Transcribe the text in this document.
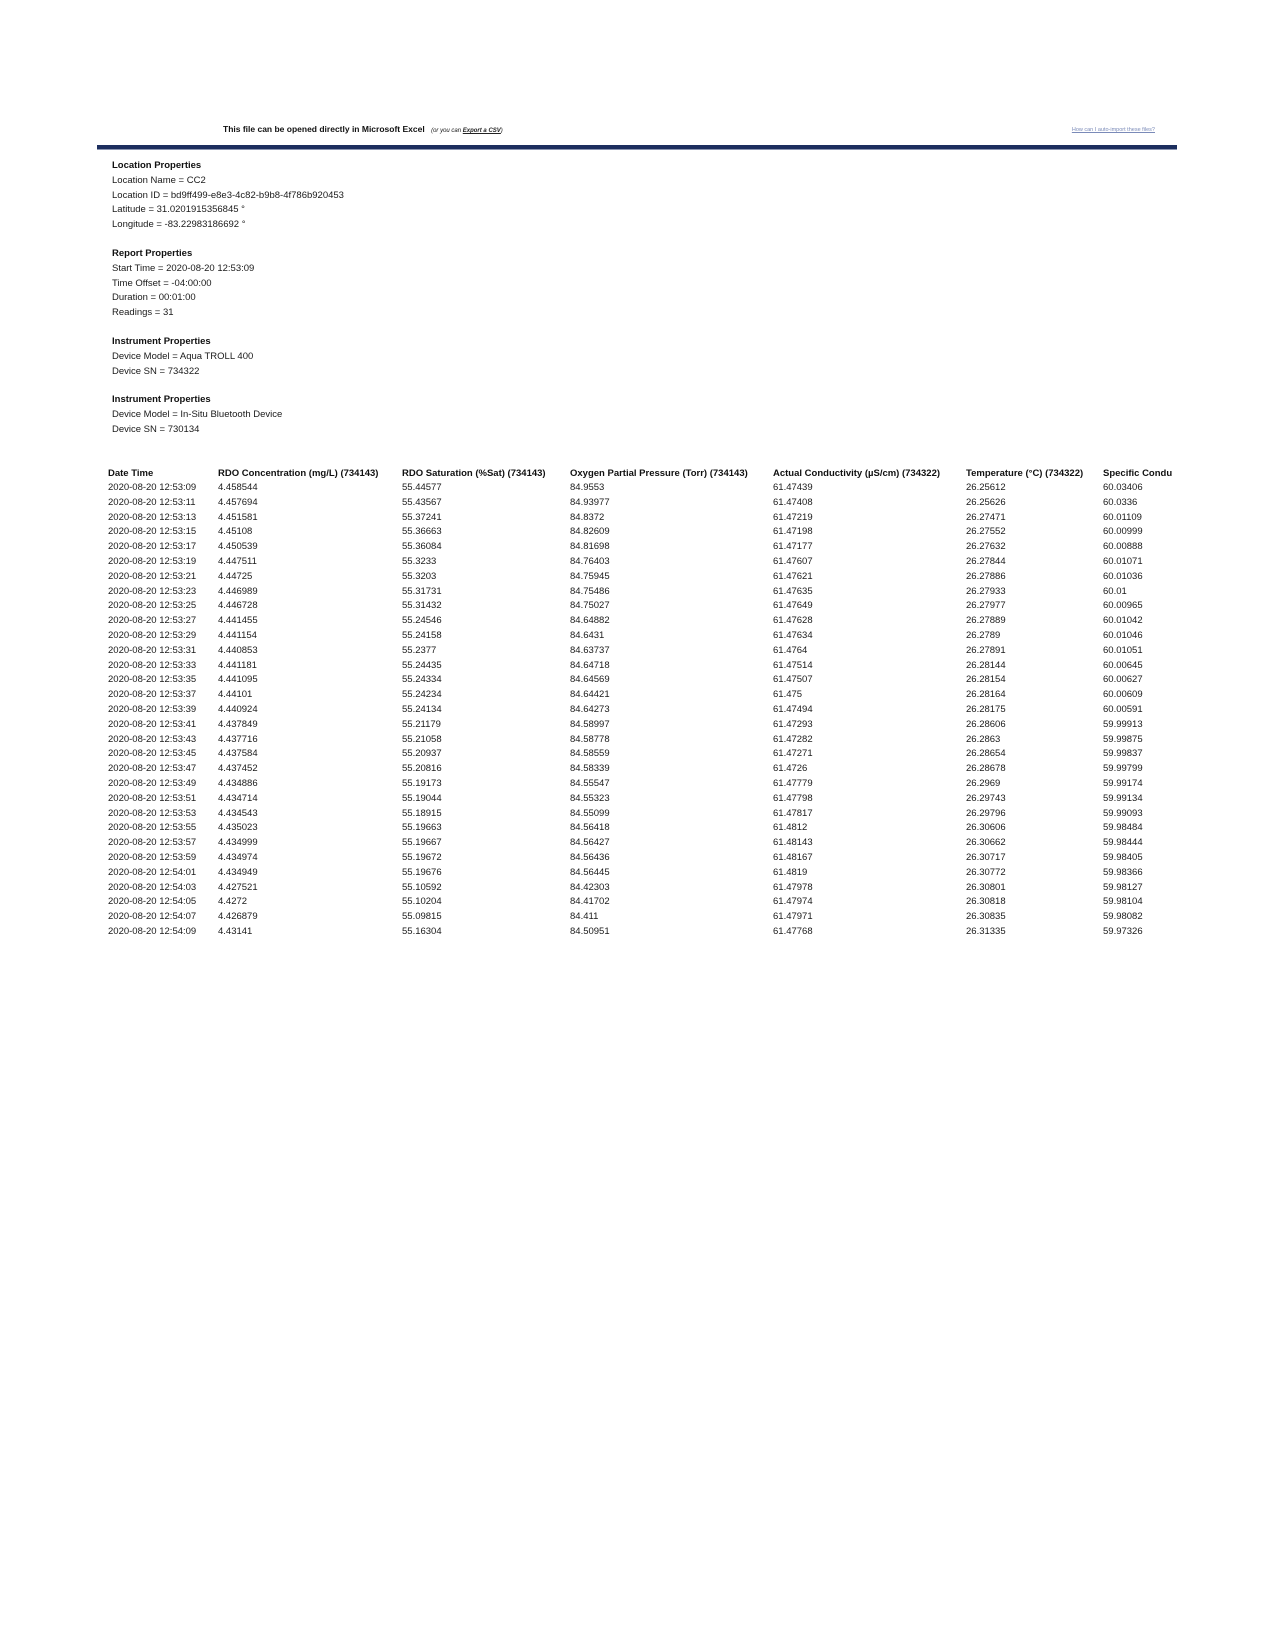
This file can be opened directly in Microsoft Excel (or you can Export a CSV)	How can I auto-import these files?
Location Properties
Location Name = CC2
Location ID = bd9ff499-e8e3-4c82-b9b8-4f786b920453
Latitude = 31.0201915356845 °
Longitude = -83.22983186692 °
Report Properties
Start Time = 2020-08-20 12:53:09
Time Offset = -04:00:00
Duration = 00:01:00
Readings = 31
Instrument Properties
Device Model = Aqua TROLL 400
Device SN = 734322
Instrument Properties
Device Model = In-Situ Bluetooth Device
Device SN = 730134
Date Time	RDO Concentration (mg/L) (734143)	RDO Saturation (%Sat) (734143)	Oxygen Partial Pressure (Torr) (734143)	Actual Conductivity (µS/cm) (734322)	Temperature (°C) (734322)	Specific Condu
2020-08-20 12:53:09	4.458544	55.44577	84.9553	61.47439	26.25612	60.03406
2020-08-20 12:53:11	4.457694	55.43567	84.93977	61.47408	26.25626	60.0336
2020-08-20 12:53:13	4.451581	55.37241	84.8372	61.47219	26.27471	60.01109
2020-08-20 12:53:15	4.45108	55.36663	84.82609	61.47198	26.27552	60.00999
2020-08-20 12:53:17	4.450539	55.36084	84.81698	61.47177	26.27632	60.00888
2020-08-20 12:53:19	4.447511	55.3233	84.76403	61.47607	26.27844	60.01071
2020-08-20 12:53:21	4.44725	55.3203	84.75945	61.47621	26.27886	60.01036
2020-08-20 12:53:23	4.446989	55.31731	84.75486	61.47635	26.27933	60.01
2020-08-20 12:53:25	4.446728	55.31432	84.75027	61.47649	26.27977	60.00965
2020-08-20 12:53:27	4.441455	55.24546	84.64882	61.47628	26.27889	60.01042
2020-08-20 12:53:29	4.441154	55.24158	84.6431	61.47634	26.2789	60.01046
2020-08-20 12:53:31	4.440853	55.2377	84.63737	61.4764	26.27891	60.01051
2020-08-20 12:53:33	4.441181	55.24435	84.64718	61.47514	26.28144	60.00645
2020-08-20 12:53:35	4.441095	55.24334	84.64569	61.47507	26.28154	60.00627
2020-08-20 12:53:37	4.44101	55.24234	84.64421	61.475	26.28164	60.00609
2020-08-20 12:53:39	4.440924	55.24134	84.64273	61.47494	26.28175	60.00591
2020-08-20 12:53:41	4.437849	55.21179	84.58997	61.47293	26.28606	59.99913
2020-08-20 12:53:43	4.437716	55.21058	84.58778	61.47282	26.2863	59.99875
2020-08-20 12:53:45	4.437584	55.20937	84.58559	61.47271	26.28654	59.99837
2020-08-20 12:53:47	4.437452	55.20816	84.58339	61.4726	26.28678	59.99799
2020-08-20 12:53:49	4.434886	55.19173	84.55547	61.47779	26.2969	59.99174
2020-08-20 12:53:51	4.434714	55.19044	84.55323	61.47798	26.29743	59.99134
2020-08-20 12:53:53	4.434543	55.18915	84.55099	61.47817	26.29796	59.99093
2020-08-20 12:53:55	4.435023	55.19663	84.56418	61.4812	26.30606	59.98484
2020-08-20 12:53:57	4.434999	55.19667	84.56427	61.48143	26.30662	59.98444
2020-08-20 12:53:59	4.434974	55.19672	84.56436	61.48167	26.30717	59.98405
2020-08-20 12:54:01	4.434949	55.19676	84.56445	61.4819	26.30772	59.98366
2020-08-20 12:54:03	4.427521	55.10592	84.42303	61.47978	26.30801	59.98127
2020-08-20 12:54:05	4.4272	55.10204	84.41702	61.47974	26.30818	59.98104
2020-08-20 12:54:07	4.426879	55.09815	84.411	61.47971	26.30835	59.98082
2020-08-20 12:54:09	4.43141	55.16304	84.50951	61.47768	26.31335	59.97326
